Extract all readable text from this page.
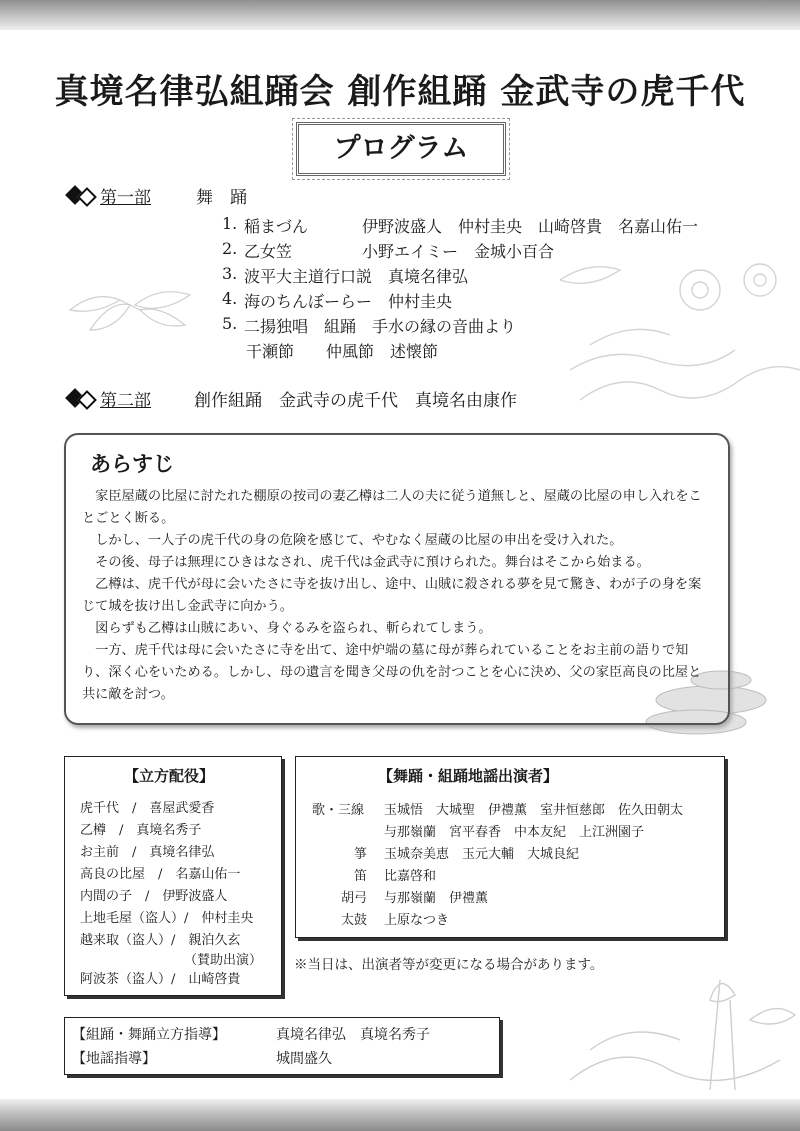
真境名律弘組踊会 創作組踊 金武寺の虎千代
プログラム
第一部	舞　踊
1. 稲まづん	伊野波盛人　仲村圭央　山崎啓貴　名嘉山佑一
2. 乙女笠	小野エイミー　金城小百合
3. 波平大主道行口説　真境名律弘
4. 海のちんぼーらー　仲村圭央
5. 二揚独唱　組踊　手水の縁の音曲より
干瀬節　　仲風節　述懐節
第二部	創作組踊　金武寺の虎千代　真境名由康作
あらすじ
　家臣屋蔵の比屋に討たれた棚原の按司の妻乙樽は二人の夫に従う道無しと、屋蔵の比屋の申し入れをことごとく断る。
　しかし、一人子の虎千代の身の危険を感じて、やむなく屋蔵の比屋の申出を受け入れた。
　その後、母子は無理にひきはなされ、虎千代は金武寺に預けられた。舞台はそこから始まる。
　乙樽は、虎千代が母に会いたさに寺を抜け出し、途中、山賊に殺される夢を見て驚き、わが子の身を案じて城を抜け出し金武寺に向かう。
　図らずも乙樽は山賊にあい、身ぐるみを盗られ、斬られてしまう。
　一方、虎千代は母に会いたさに寺を出て、途中炉端の墓に母が葬られていることをお主前の語りで知り、深く心をいためる。しかし、母の遺言を聞き父母の仇を討つことを心に決め、父の家臣高良の比屋と共に敵を討つ。
【立方配役】
虎千代　/　喜屋武愛香
乙樽　/　真境名秀子
お主前　/　真境名律弘
高良の比屋　/　名嘉山佑一
内間の子　/　伊野波盛人
上地毛屋（盗人）/　仲村圭央
越来取（盗人）/　親泊久玄
（賛助出演）
阿波茶（盗人）/　山崎啓貴
【舞踊・組踊地謡出演者】
歌・三線 玉城悟　大城聖　伊禮薫　室井恒慈郎　佐久田朝太
与那嶺蘭　宮平春香　中本友紀　上江洲園子
箏 玉城奈美恵　玉元大輔　大城良紀
笛 比嘉啓和
胡弓 与那嶺蘭　伊禮薫
太鼓 上原なつき
※当日は、出演者等が変更になる場合があります。
【組踊・舞踊立方指導】	真境名律弘　真境名秀子
【地謡指導】	城間盛久
